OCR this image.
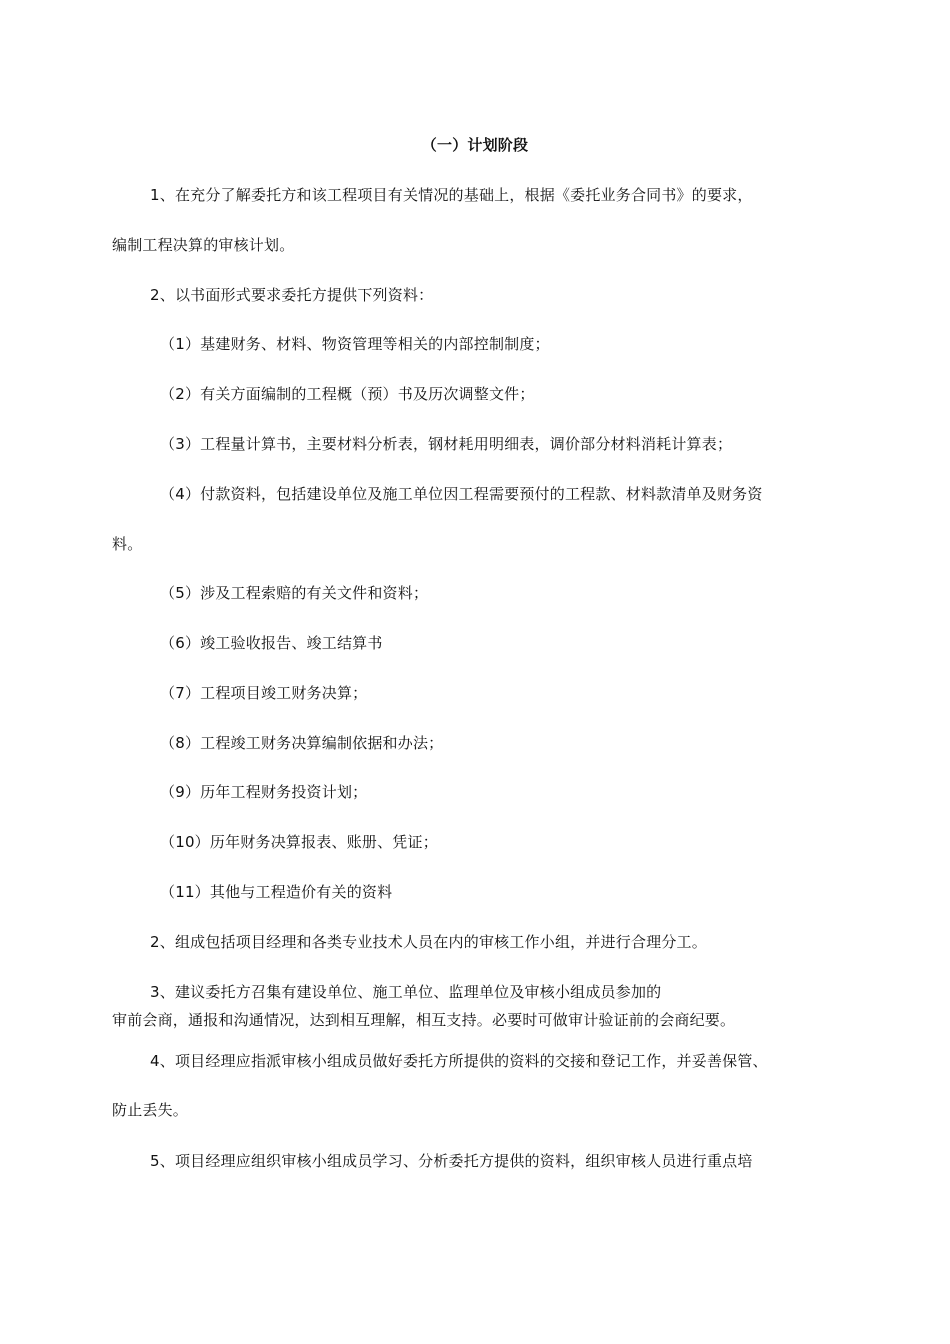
（一）计划阶段
1、在充分了解委托方和该工程项目有关情况的基础上，根据《委托业务合同书》的要求，
编制工程决算的审核计划。
2、以书面形式要求委托方提供下列资料：
（1）基建财务、材料、物资管理等相关的内部控制制度；
（2）有关方面编制的工程概（预）书及历次调整文件；
（3）工程量计算书，主要材料分析表，钢材耗用明细表，调价部分材料消耗计算表；
（4）付款资料，包括建设单位及施工单位因工程需要预付的工程款、材料款清单及财务资
料。
（5）涉及工程索赔的有关文件和资料；
（6）竣工验收报告、竣工结算书
（7）工程项目竣工财务决算；
（8）工程竣工财务决算编制依据和办法；
（9）历年工程财务投资计划；
（10）历年财务决算报表、账册、凭证；
（11）其他与工程造价有关的资料
2、组成包括项目经理和各类专业技术人员在内的审核工作小组，并进行合理分工。
3、建议委托方召集有建设单位、施工单位、监理单位及审核小组成员参加的
审前会商，通报和沟通情况，达到相互理解，相互支持。必要时可做审计验证前的会商纪要。
4、项目经理应指派审核小组成员做好委托方所提供的资料的交接和登记工作，并妥善保管、
防止丢失。
5、项目经理应组织审核小组成员学习、分析委托方提供的资料，组织审核人员进行重点培
